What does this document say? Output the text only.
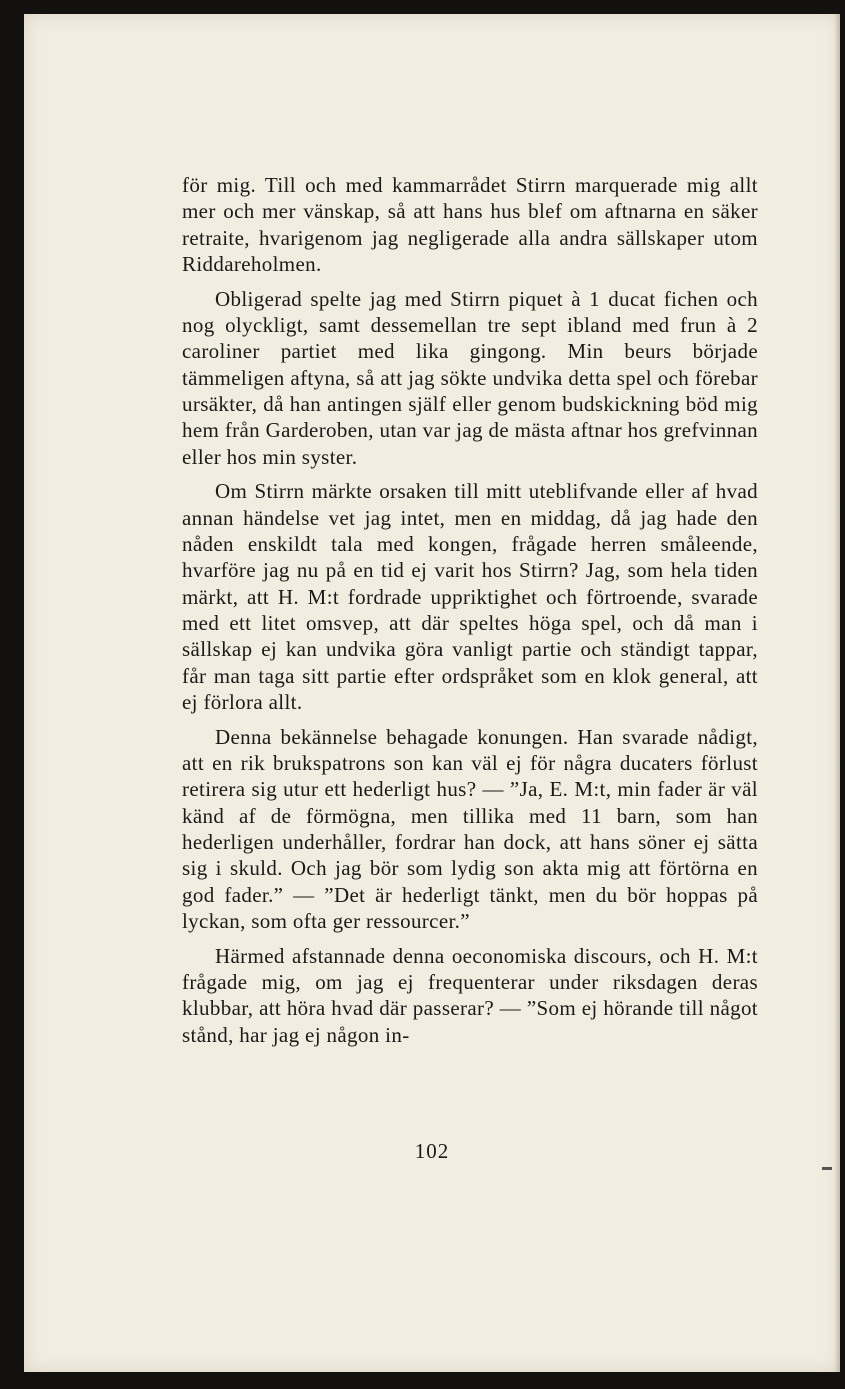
för mig. Till och med kammarrådet Stirrn marquerade mig allt mer och mer vänskap, så att hans hus blef om aftnarna en säker retraite, hvarigenom jag negligerade alla andra sällskaper utom Riddareholmen.

Obligerad spelte jag med Stirrn piquet à 1 ducat fichen och nog olyckligt, samt dessemellan tre sept ibland med frun à 2 caroliner partiet med lika gingong. Min beurs började tämmeligen aftyna, så att jag sökte undvika detta spel och förebar ursäkter, då han antingen själf eller genom budskickning böd mig hem från Garderoben, utan var jag de mästa aftnar hos grefvinnan eller hos min syster.

Om Stirrn märkte orsaken till mitt uteblifvande eller af hvad annan händelse vet jag intet, men en middag, då jag hade den nåden enskildt tala med kongen, frågade herren småleende, hvarföre jag nu på en tid ej varit hos Stirrn? Jag, som hela tiden märkt, att H. M:t fordrade uppriktighet och förtroende, svarade med ett litet omsvep, att där speltes höga spel, och då man i sällskap ej kan undvika göra vanligt partie och ständigt tappar, får man taga sitt partie efter ordspråket som en klok general, att ej förlora allt.

Denna bekännelse behagade konungen. Han svarade nådigt, att en rik brukspatrons son kan väl ej för några ducaters förlust retirera sig utur ett hederligt hus? — ”Ja, E. M:t, min fader är väl känd af de förmögna, men tillika med 11 barn, som han hederligen underhåller, fordrar han dock, att hans söner ej sätta sig i skuld. Och jag bör som lydig son akta mig att förtörna en god fader.” — ”Det är hederligt tänkt, men du bör hoppas på lyckan, som ofta ger ressourcer.”

Härmed afstannade denna oeconomiska discours, och H. M:t frågade mig, om jag ej frequenterar under riksdagen deras klubbar, att höra hvad där passerar? — ”Som ej hörande till något stånd, har jag ej någon in-

102
